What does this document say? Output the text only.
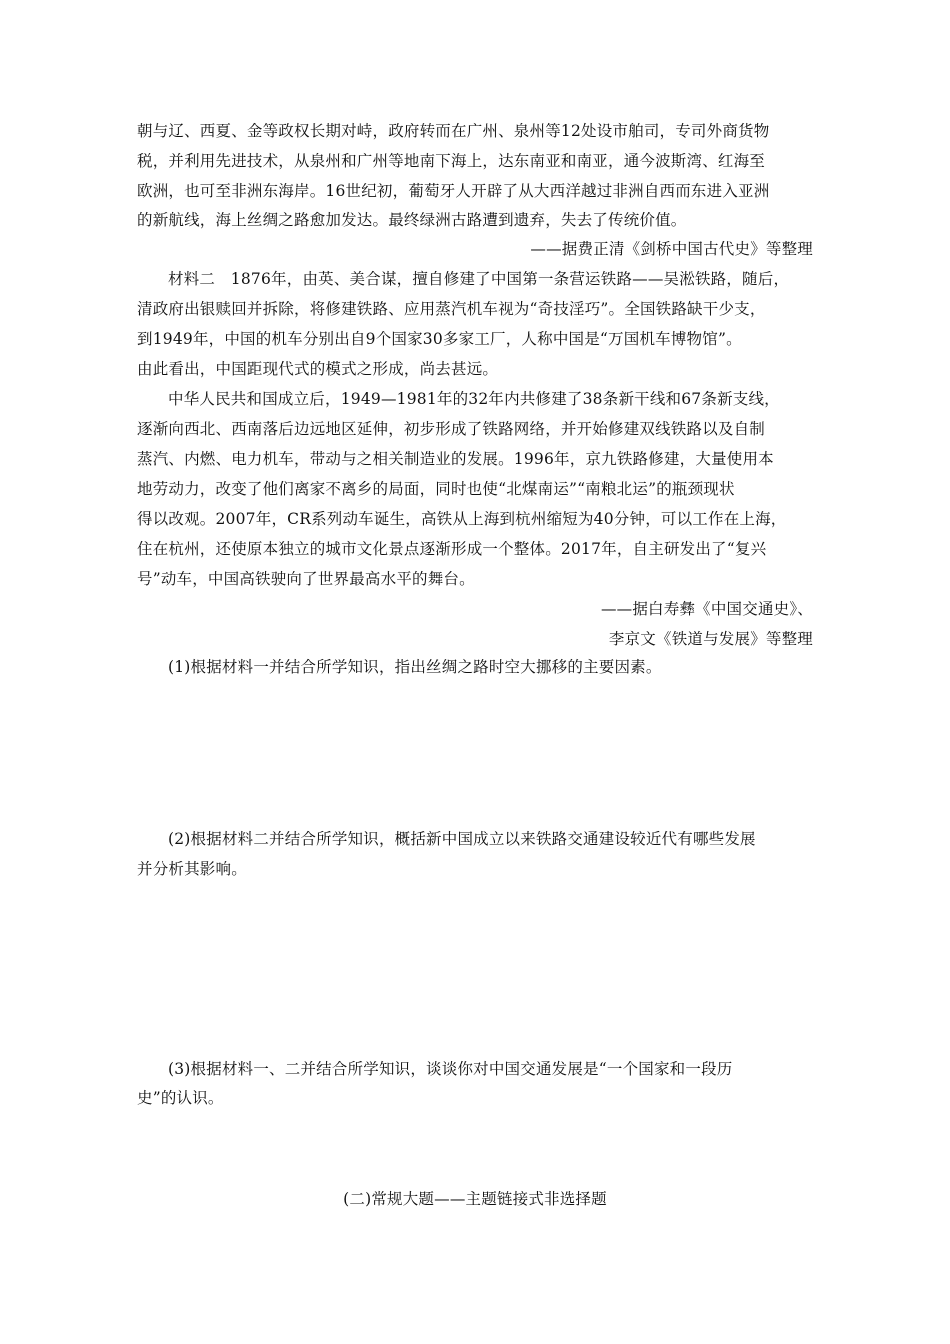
朝与辽、西夏、金等政权长期对峙，政府转而在广州、泉州等12处设市舶司，专司外商货物
税，并利用先进技术，从泉州和广州等地南下海上，达东南亚和南亚，通今波斯湾、红海至
欧洲，也可至非洲东海岸。16世纪初，葡萄牙人开辟了从大西洋越过非洲自西而东进入亚洲
的新航线，海上丝绸之路愈加发达。最终绿洲古路遭到遗弃，失去了传统价值。
——据费正清《剑桥中国古代史》等整理
材料二　1876年，由英、美合谋，擅自修建了中国第一条营运铁路——吴淞铁路，随后，
清政府出银赎回并拆除，将修建铁路、应用蒸汽机车视为“奇技淫巧”。全国铁路缺干少支，
到1949年，中国的机车分别出自9个国家30多家工厂，人称中国是“万国机车博物馆”。
由此看出，中国距现代式的模式之形成，尚去甚远。
中华人民共和国成立后，1949—1981年的32年内共修建了38条新干线和67条新支线，
逐渐向西北、西南落后边远地区延伸，初步形成了铁路网络，并开始修建双线铁路以及自制
蒸汽、内燃、电力机车，带动与之相关制造业的发展。1996年，京九铁路修建，大量使用本
地劳动力，改变了他们离家不离乡的局面，同时也使“北煤南运”“南粮北运”的瓶颈现状
得以改观。2007年，CR系列动车诞生，高铁从上海到杭州缩短为40分钟，可以工作在上海，
住在杭州，还使原本独立的城市文化景点逐渐形成一个整体。2017年，自主研发出了“复兴
号”动车，中国高铁驶向了世界最高水平的舞台。
——据白寿彝《中国交通史》、
李京文《铁道与发展》等整理
(1)根据材料一并结合所学知识，指出丝绸之路时空大挪移的主要因素。
(2)根据材料二并结合所学知识，概括新中国成立以来铁路交通建设较近代有哪些发展
并分析其影响。
(3)根据材料一、二并结合所学知识，谈谈你对中国交通发展是“一个国家和一段历
史”的认识。
(二)常规大题——主题链接式非选择题
